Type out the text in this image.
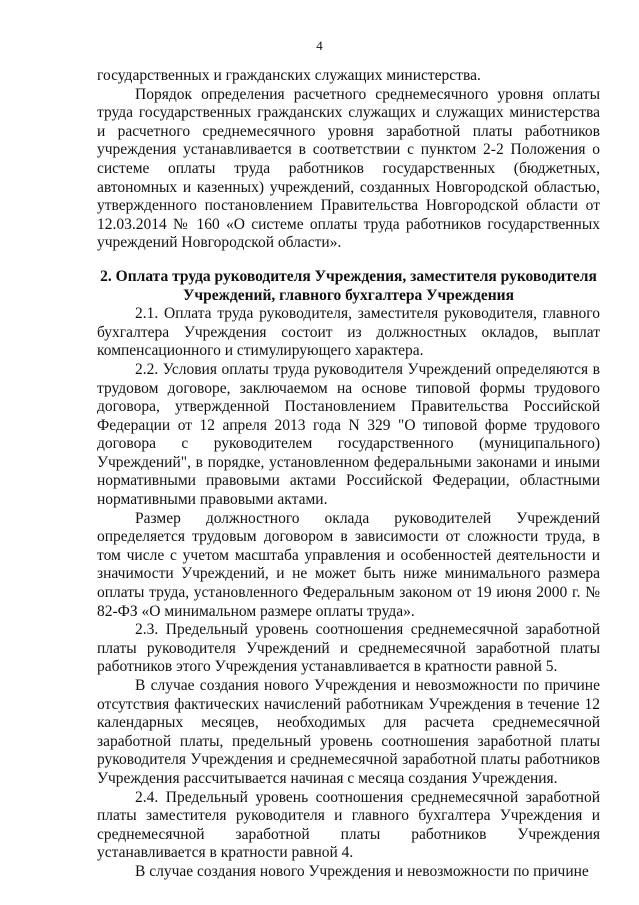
4

государственных и гражданских служащих министерства.

Порядок определения расчетного среднемесячного уровня оплаты труда государственных гражданских служащих и служащих министерства и расчетного среднемесячного уровня заработной платы работников учреждения устанавливается в соответствии с пунктом 2-2 Положения о системе оплаты труда работников государственных (бюджетных, автономных и казенных) учреждений, созданных Новгородской областью, утвержденного постановлением Правительства Новгородской области от 12.03.2014 № 160 «О системе оплаты труда работников государственных учреждений Новгородской области».

2. Оплата труда руководителя Учреждения, заместителя руководителя Учреждений, главного бухгалтера Учреждения

2.1. Оплата труда руководителя, заместителя руководителя, главного бухгалтера Учреждения состоит из должностных окладов, выплат компенсационного и стимулирующего характера.

2.2. Условия оплаты труда руководителя Учреждений определяются в трудовом договоре, заключаемом на основе типовой формы трудового договора, утвержденной Постановлением Правительства Российской Федерации от 12 апреля 2013 года N 329 "О типовой форме трудового договора с руководителем государственного (муниципального) Учреждений", в порядке, установленном федеральными законами и иными нормативными правовыми актами Российской Федерации, областными нормативными правовыми актами.

Размер должностного оклада руководителей Учреждений определяется трудовым договором в зависимости от сложности труда, в том числе с учетом масштаба управления и особенностей деятельности и значимости Учреждений, и не может быть ниже минимального размера оплаты труда, установленного Федеральным законом от 19 июня 2000 г. № 82-ФЗ «О минимальном размере оплаты труда».

2.3. Предельный уровень соотношения среднемесячной заработной платы руководителя Учреждений и среднемесячной заработной платы работников этого Учреждения устанавливается в кратности равной 5.

В случае создания нового Учреждения и невозможности по причине отсутствия фактических начислений работникам Учреждения в течение 12 календарных месяцев, необходимых для расчета среднемесячной заработной платы, предельный уровень соотношения заработной платы руководителя Учреждения и среднемесячной заработной платы работников Учреждения рассчитывается начиная с месяца создания Учреждения.

2.4. Предельный уровень соотношения среднемесячной заработной платы заместителя руководителя и главного бухгалтера Учреждения и среднемесячной заработной платы работников Учреждения устанавливается в кратности равной 4.

В случае создания нового Учреждения и невозможности по причине
